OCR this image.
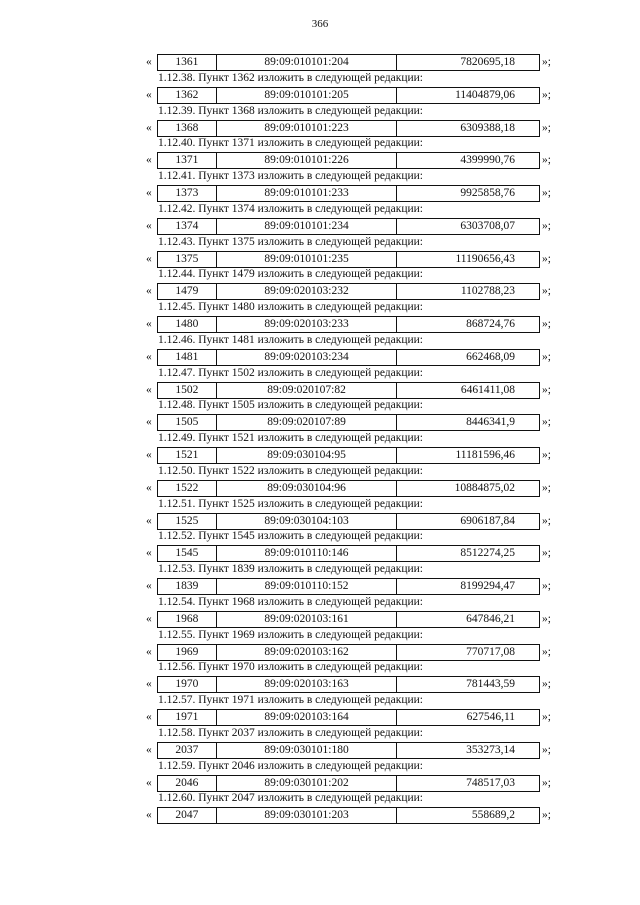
366
«	1361	89:09:010101:204	7820695,18	»;
1.12.38. Пункт 1362 изложить в следующей редакции:
«	1362	89:09:010101:205	11404879,06	»;
1.12.39. Пункт 1368 изложить в следующей редакции:
«	1368	89:09:010101:223	6309388,18	»;
1.12.40. Пункт 1371 изложить в следующей редакции:
«	1371	89:09:010101:226	4399990,76	»;
1.12.41. Пункт 1373 изложить в следующей редакции:
«	1373	89:09:010101:233	9925858,76	»;
1.12.42. Пункт 1374 изложить в следующей редакции:
«	1374	89:09:010101:234	6303708,07	»;
1.12.43. Пункт 1375 изложить в следующей редакции:
«	1375	89:09:010101:235	11190656,43	»;
1.12.44. Пункт 1479 изложить в следующей редакции:
«	1479	89:09:020103:232	1102788,23	»;
1.12.45. Пункт 1480 изложить в следующей редакции:
«	1480	89:09:020103:233	868724,76	»;
1.12.46. Пункт 1481 изложить в следующей редакции:
«	1481	89:09:020103:234	662468,09	»;
1.12.47. Пункт 1502 изложить в следующей редакции:
«	1502	89:09:020107:82	6461411,08	»;
1.12.48. Пункт 1505 изложить в следующей редакции:
«	1505	89:09:020107:89	8446341,9	»;
1.12.49. Пункт 1521 изложить в следующей редакции:
«	1521	89:09:030104:95	11181596,46	»;
1.12.50. Пункт 1522 изложить в следующей редакции:
«	1522	89:09:030104:96	10884875,02	»;
1.12.51. Пункт 1525 изложить в следующей редакции:
«	1525	89:09:030104:103	6906187,84	»;
1.12.52. Пункт 1545 изложить в следующей редакции:
«	1545	89:09:010110:146	8512274,25	»;
1.12.53. Пункт 1839 изложить в следующей редакции:
«	1839	89:09:010110:152	8199294,47	»;
1.12.54. Пункт 1968 изложить в следующей редакции:
«	1968	89:09:020103:161	647846,21	»;
1.12.55. Пункт 1969 изложить в следующей редакции:
«	1969	89:09:020103:162	770717,08	»;
1.12.56. Пункт 1970 изложить в следующей редакции:
«	1970	89:09:020103:163	781443,59	»;
1.12.57. Пункт 1971 изложить в следующей редакции:
«	1971	89:09:020103:164	627546,11	»;
1.12.58. Пункт 2037 изложить в следующей редакции:
«	2037	89:09:030101:180	353273,14	»;
1.12.59. Пункт 2046 изложить в следующей редакции:
«	2046	89:09:030101:202	748517,03	»;
1.12.60. Пункт 2047 изложить в следующей редакции:
«	2047	89:09:030101:203	558689,2	»;
